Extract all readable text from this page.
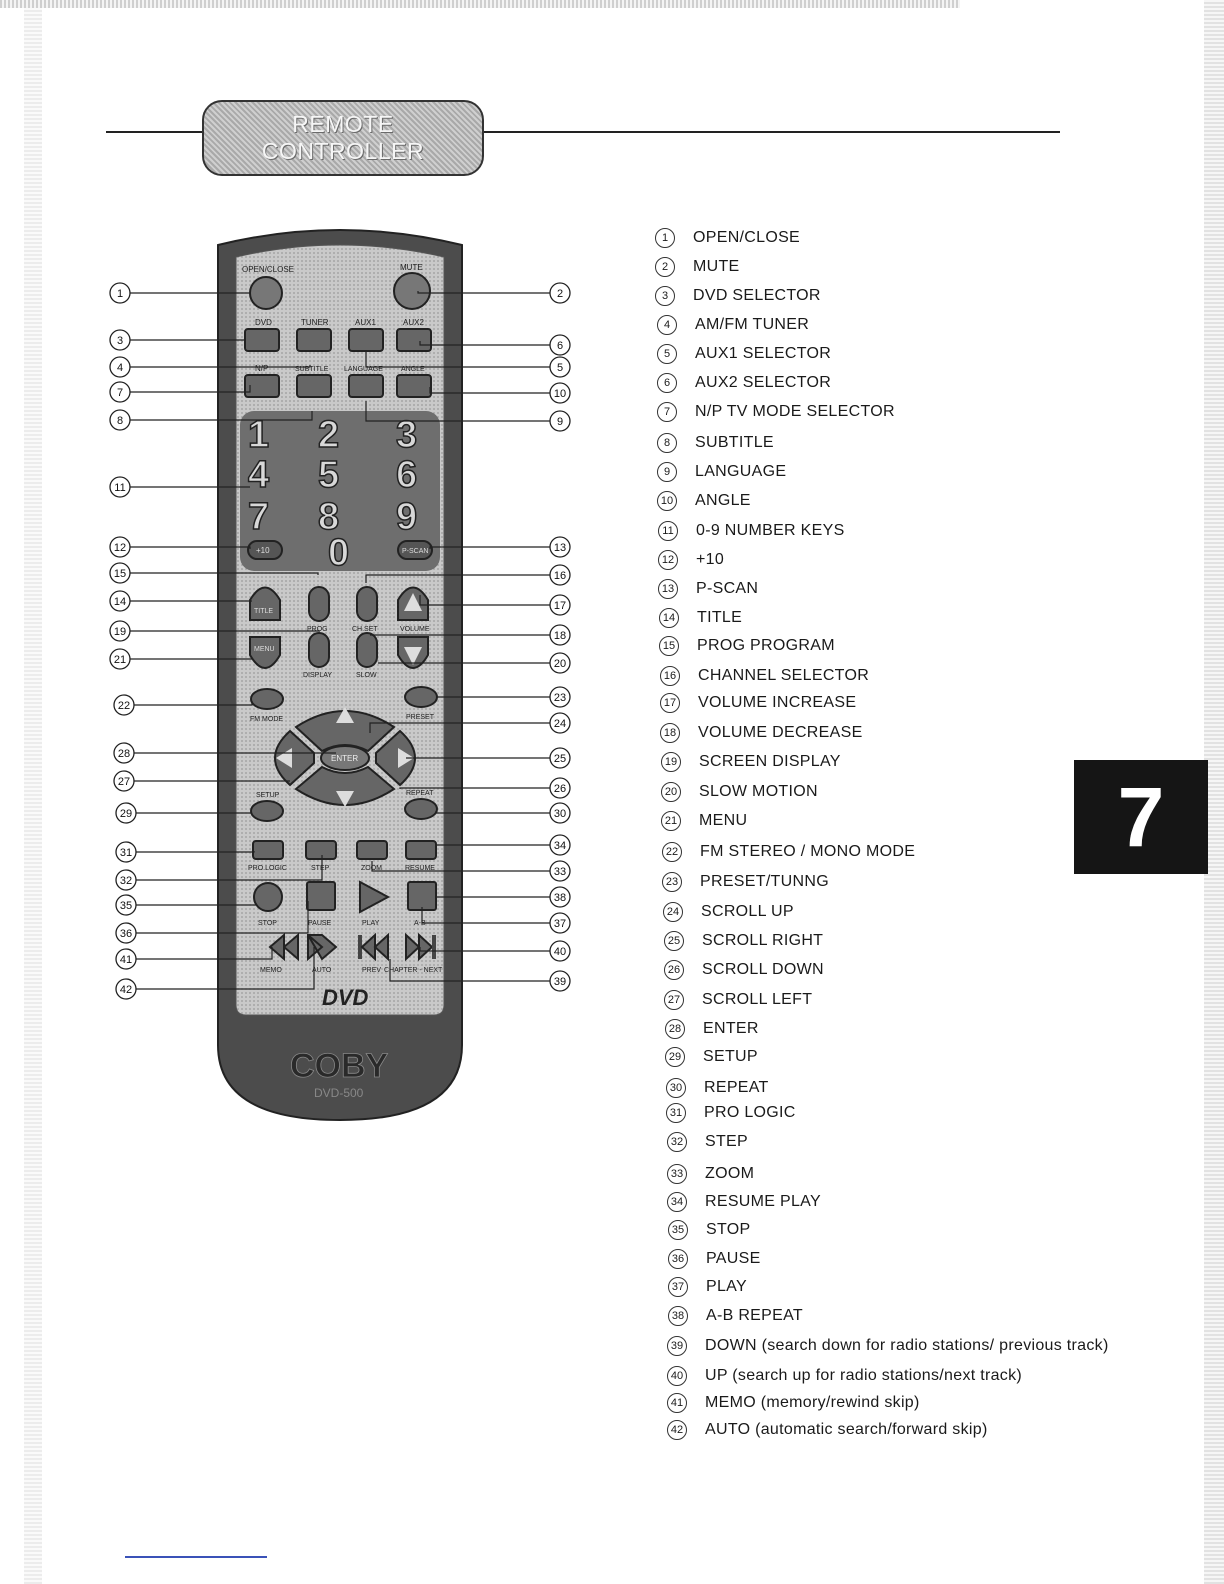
REMOTE
CONTROLLER
OPEN/CLOSE	MUTE
DVD	TUNER	AUX1	AUX2
N/P	SUBTITLE LANGUAGE	ANGLE
1 2 3
4 5 6
7 8 9
0
+10	P-SCAN
TITLE
PROG	CH.SET	VOLUME
MENU
DISPLAY	SLOW
FM MODE	PRESET
ENTER
SETUP	REPEAT
PRO.LOGIC	STEP	ZOOM	RESUME
STOP	PAUSE	PLAY	A-B
MEMO	AUTO	PREV CHAPTER - NEXT
DVD
COBY
DVD-500
1
3
4
7
8
11
12
15
14
19
21
22
28
27
29
31
32
35
36
41
42
2
6
5
10
9
13
16
17
18
20
23
24
25
26
30
34
33
38
37
40
39
7
1	OPEN/CLOSE
2	MUTE
3	DVD SELECTOR
4	AM/FM TUNER
5	AUX1 SELECTOR
6	AUX2 SELECTOR
7	N/P TV MODE SELECTOR
8	SUBTITLE
9	LANGUAGE
10 ANGLE
11 0-9 NUMBER KEYS
12 +10
13 P-SCAN
14 TITLE
15 PROG PROGRAM
16 CHANNEL SELECTOR
17 VOLUME INCREASE
18 VOLUME DECREASE
19 SCREEN DISPLAY
20 SLOW MOTION
21 MENU
22 FM STEREO / MONO MODE
23 PRESET/TUNNG
24 SCROLL UP
25 SCROLL RIGHT
26 SCROLL DOWN
27 SCROLL LEFT
28 ENTER
29 SETUP
30 REPEAT
31 PRO LOGIC
32 STEP
33 ZOOM
34 RESUME PLAY
35 STOP
36 PAUSE
37 PLAY
38 A-B REPEAT
39 DOWN (search down for radio stations/ previous track)
40 UP (search up for radio stations/next track)
41 MEMO (memory/rewind skip)
42 AUTO (automatic search/forward skip)
